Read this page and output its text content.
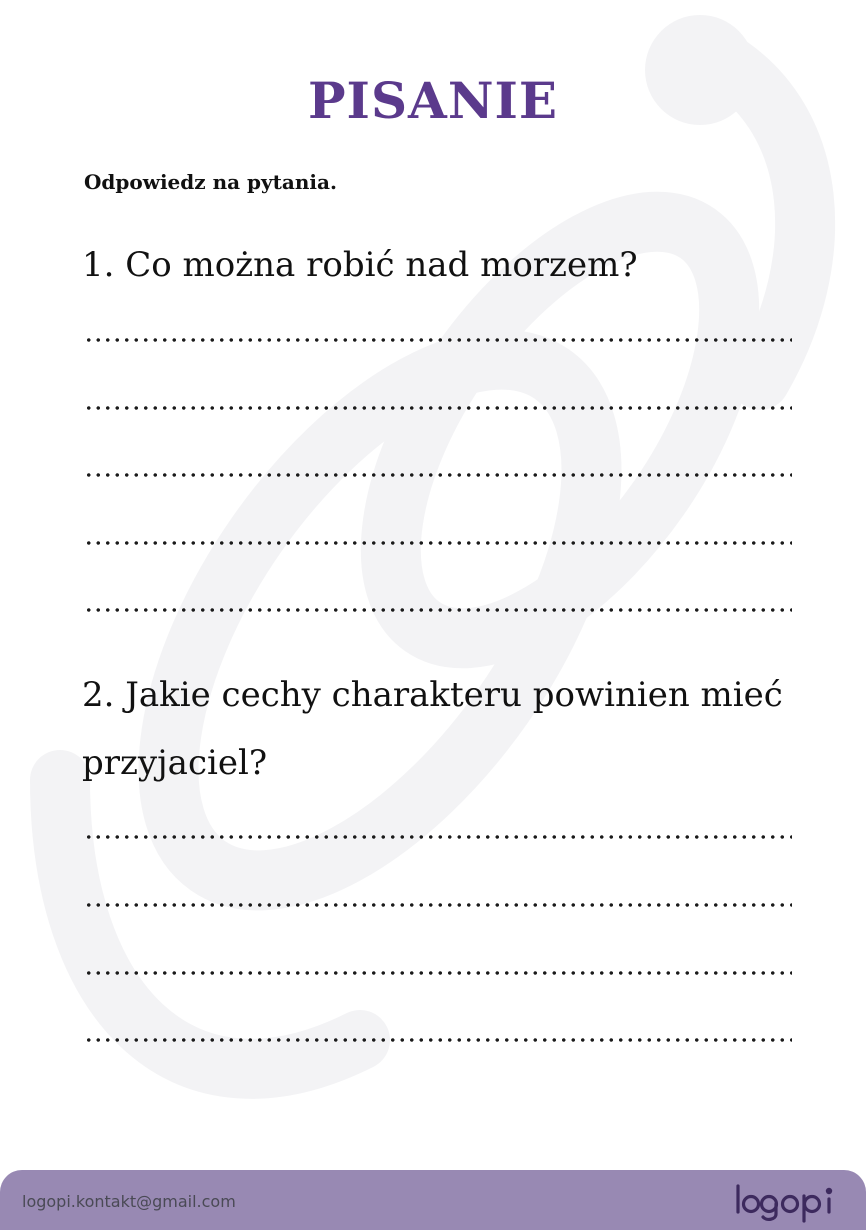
PISANIE
Odpowiedz na pytania.
1. Co można robić nad morzem?
2. Jakie cechy charakteru powinien mieć
przyjaciel?
logopi.kontakt@gmail.com
